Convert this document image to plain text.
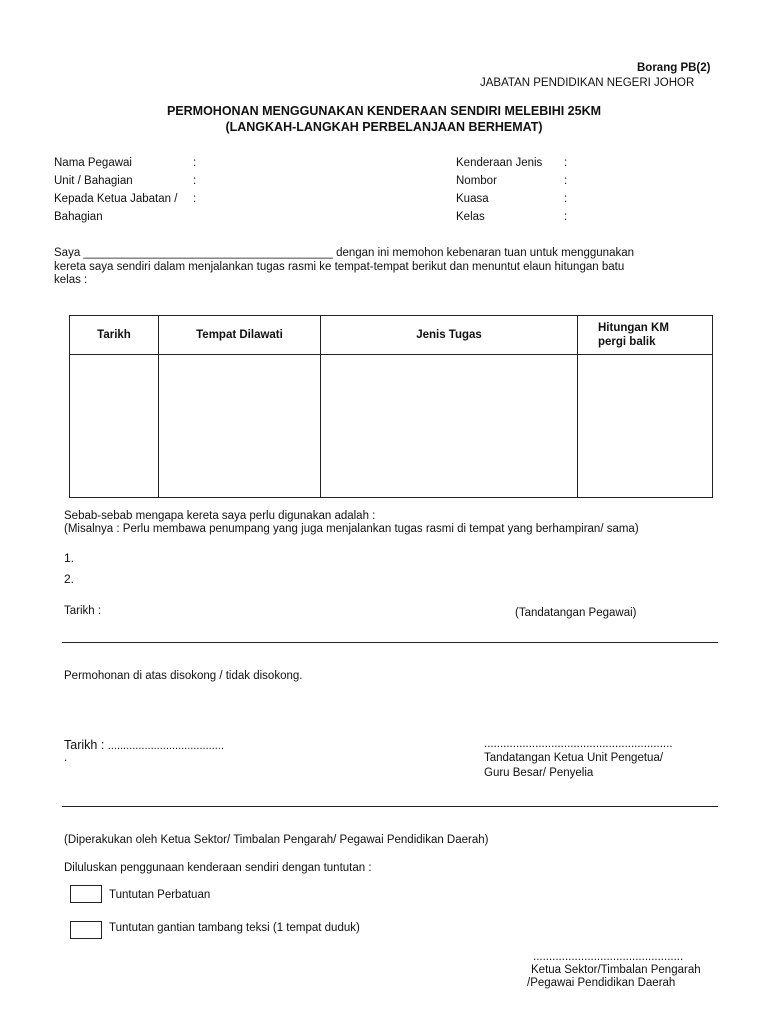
Borang PB(2)
JABATAN PENDIDIKAN NEGERI JOHOR
PERMOHONAN MENGGUNAKAN KENDERAAN SENDIRI MELEBIHI 25KM
(LANGKAH-LANGKAH PERBELANJAAN BERHEMAT)
Nama Pegawai	:
Unit / Bahagian	:
Kepada Ketua Jabatan / :
Bahagian
Kenderaan Jenis :
Nombor	:
Kuasa	:
Kelas	:
Saya _______________________________________ dengan ini memohon kebenaran tuan untuk menggunakan
kereta saya sendiri dalam menjalankan tugas rasmi ke tempat-tempat berikut dan menuntut elaun hitungan batu
kelas :
Tarikh	Tempat Dilawati	Jenis Tugas	Hitungan KM
pergi balik

Sebab-sebab mengapa kereta saya perlu digunakan adalah :
(Misalnya : Perlu membawa penumpang yang juga menjalankan tugas rasmi di tempat yang berhampiran/ sama)
1.
2.
Tarikh :	(Tandatangan Pegawai)
Permohonan di atas disokong / tidak disokong.
Tarikh : ......................................
.
...........................................................
Tandatangan Ketua Unit Pengetua/
Guru Besar/ Penyelia
(Diperakukan oleh Ketua Sektor/ Timbalan Pengarah/ Pegawai Pendidikan Daerah)
Diluluskan penggunaan kenderaan sendiri dengan tuntutan :
Tuntutan Perbatuan
Tuntutan gantian tambang teksi (1 tempat duduk)
...............................................
Ketua Sektor/Timbalan Pengarah
/Pegawai Pendidikan Daerah
